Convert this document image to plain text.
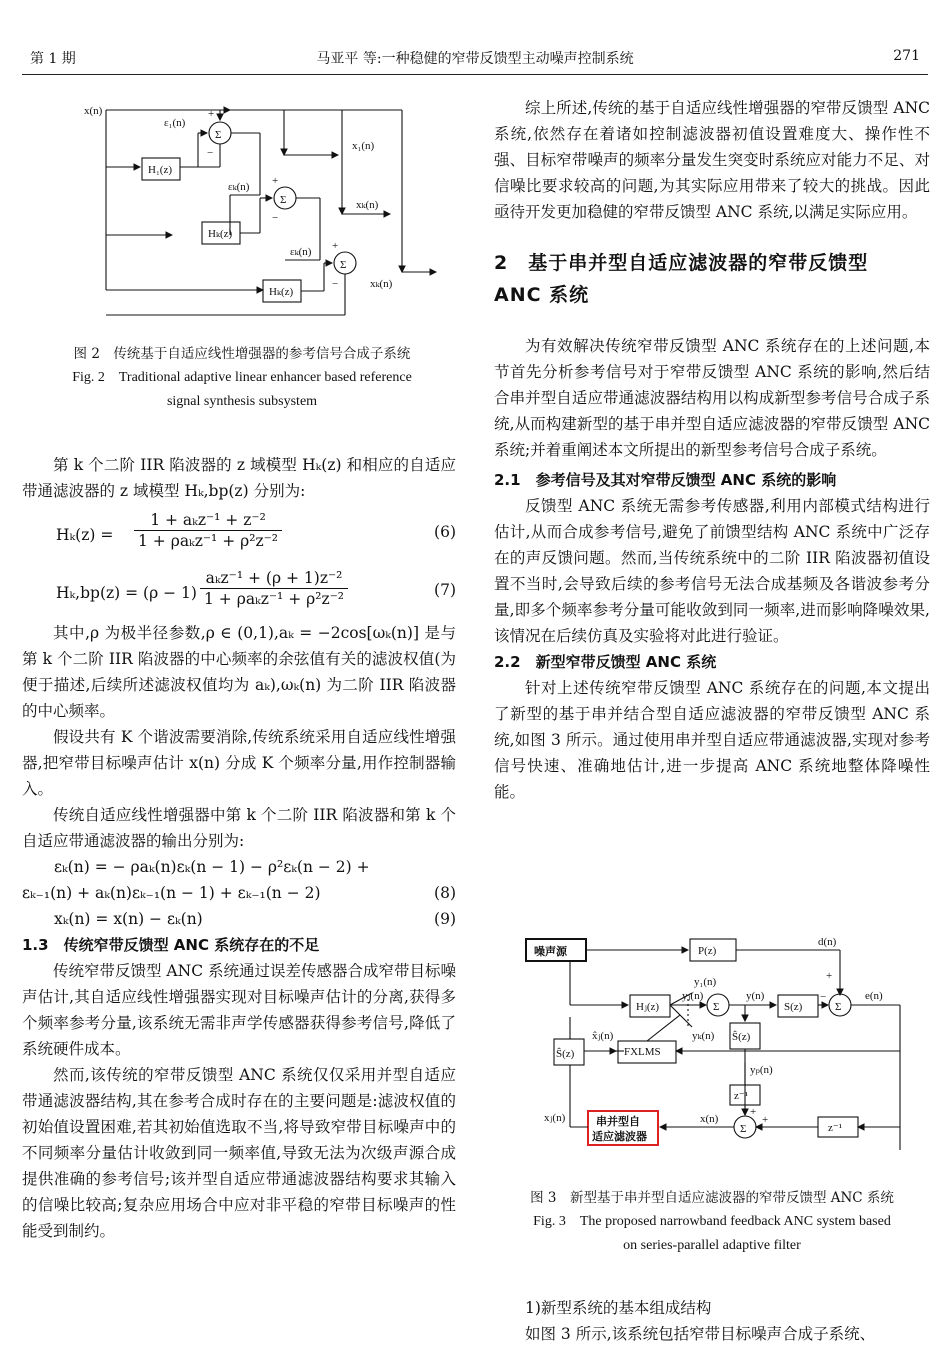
第 1 期	马亚平 等:一种稳健的窄带反馈型主动噪声控制系统	271
x(n)
ε₁(n)
εₖ(n)
εₖ(n)
H₁(z)
Hₖ(z)
Hₖ(z)
x₁(n)
xₖ(n)
xₖ(n)
Σ
Σ
Σ
+
−
+
−
+
−
图 2　传统基于自适应线性增强器的参考信号合成子系统
Fig. 2　Traditional adaptive linear enhancer based reference
signal synthesis subsystem

第 k 个二阶 IIR 陷波器的 z 域模型 Hₖ(z) 和相应的自适应带通滤波器的 z 域模型 Hₖ,bp(z) 分别为:

Hₖ(z) =
1 + aₖz⁻¹ + z⁻²
1 + ρaₖz⁻¹ + ρ²z⁻²	(6)
Hₖ,bp(z) = (ρ − 1)
aₖz⁻¹ + (ρ + 1)z⁻²
1 + ρaₖz⁻¹ + ρ²z⁻²	(7)

其中,ρ 为极半径参数,ρ ∈ (0,1),aₖ = −2cos[ωₖ(n)] 是与第 k 个二阶 IIR 陷波器的中心频率的余弦值有关的滤波权值(为便于描述,后续所述滤波权值均为 aₖ),ωₖ(n) 为二阶 IIR 陷波器的中心频率。

假设共有 K 个谐波需要消除,传统系统采用自适应线性增强器,把窄带目标噪声估计 x(n) 分成 K 个频率分量,用作控制器输入。

传统自适应线性增强器中第 k 个二阶 IIR 陷波器和第 k 个自适应带通滤波器的输出分别为:

εₖ(n) = − ρaₖ(n)εₖ(n − 1) − ρ²εₖ(n − 2) +
εₖ₋₁(n) + aₖ(n)εₖ₋₁(n − 1) + εₖ₋₁(n − 2)	(8)
xₖ(n) = x(n) − εₖ(n)	(9)
1.3　传统窄带反馈型 ANC 系统存在的不足

传统窄带反馈型 ANC 系统通过误差传感器合成窄带目标噪声估计,其自适应线性增强器实现对目标噪声估计的分离,获得多个频率参考分量,该系统无需非声学传感器获得参考信号,降低了系统硬件成本。

然而,该传统的窄带反馈型 ANC 系统仅仅采用并型自适应带通滤波器结构,其在参考合成时存在的主要问题是:滤波权值的初始值设置困难,若其初始值选取不当,将导致窄带目标噪声中的不同频率分量估计收敛到同一频率值,导致无法为次级声源合成提供准确的参考信号;该并型自适应带通滤波器结构要求其输入的信噪比较高;复杂应用场合中应对非平稳的窄带目标噪声的性能受到制约。

综上所述,传统的基于自适应线性增强器的窄带反馈型 ANC 系统,依然存在着诸如控制滤波器初值设置难度大、操作性不强、目标窄带噪声的频率分量发生突变时系统应对能力不足、对信噪比要求较高的问题,为其实际应用带来了较大的挑战。因此亟待开发更加稳健的窄带反馈型 ANC 系统,以满足实际应用。

2　基于串并型自适应滤波器的窄带反馈型
ANC 系统

为有效解决传统窄带反馈型 ANC 系统存在的上述问题,本节首先分析参考信号对于窄带反馈型 ANC 系统的影响,然后结合串并型自适应带通滤波器结构用以构成新型参考信号合成子系统,从而构建新型的基于串并型自适应滤波器的窄带反馈型 ANC 系统;并着重阐述本文所提出的新型参考信号合成子系统。

2.1　参考信号及其对窄带反馈型 ANC 系统的影响

反馈型 ANC 系统无需参考传感器,利用内部模式结构进行估计,从而合成参考信号,避免了前馈型结构 ANC 系统中广泛存在的声反馈问题。然而,当传统系统中的二阶 IIR 陷波器初值设置不当时,会导致后续的参考信号无法合成基频及各谐波参考分量,即多个频率参考分量可能收敛到同一频率,进而影响降噪效果,该情况在后续仿真及实验将对此进行验证。

2.2　新型窄带反馈型 ANC 系统

针对上述传统窄带反馈型 ANC 系统存在的问题,本文提出了新型的基于串并结合型自适应滤波器的窄带反馈型 ANC 系统,如图 3 所示。通过使用串并型自适应带通滤波器,实现对参考信号快速、准确地估计,进一步提高 ANC 系统地整体降噪性能。

噪声源	P(z)
Hⱼ(z)	S(z)
Ŝ(z)
Ŝ(z)	FXLMS
z⁻¹
z⁻¹
串并型自
适应滤波器
d(n)
e(n)
y(n)
y₁(n)
yⱼ(n)
yₖ(n)
x̂ⱼ(n)
yₚ(n)
x(n)
xⱼ(n)
Σ	Σ
Σ
+
−
+
+
图 3　新型基于串并型自适应滤波器的窄带反馈型 ANC 系统
Fig. 3　The proposed narrowband feedback ANC system based
on series-parallel adaptive filter

1)新型系统的基本组成结构

如图 3 所示,该系统包括窄带目标噪声合成子系统、
